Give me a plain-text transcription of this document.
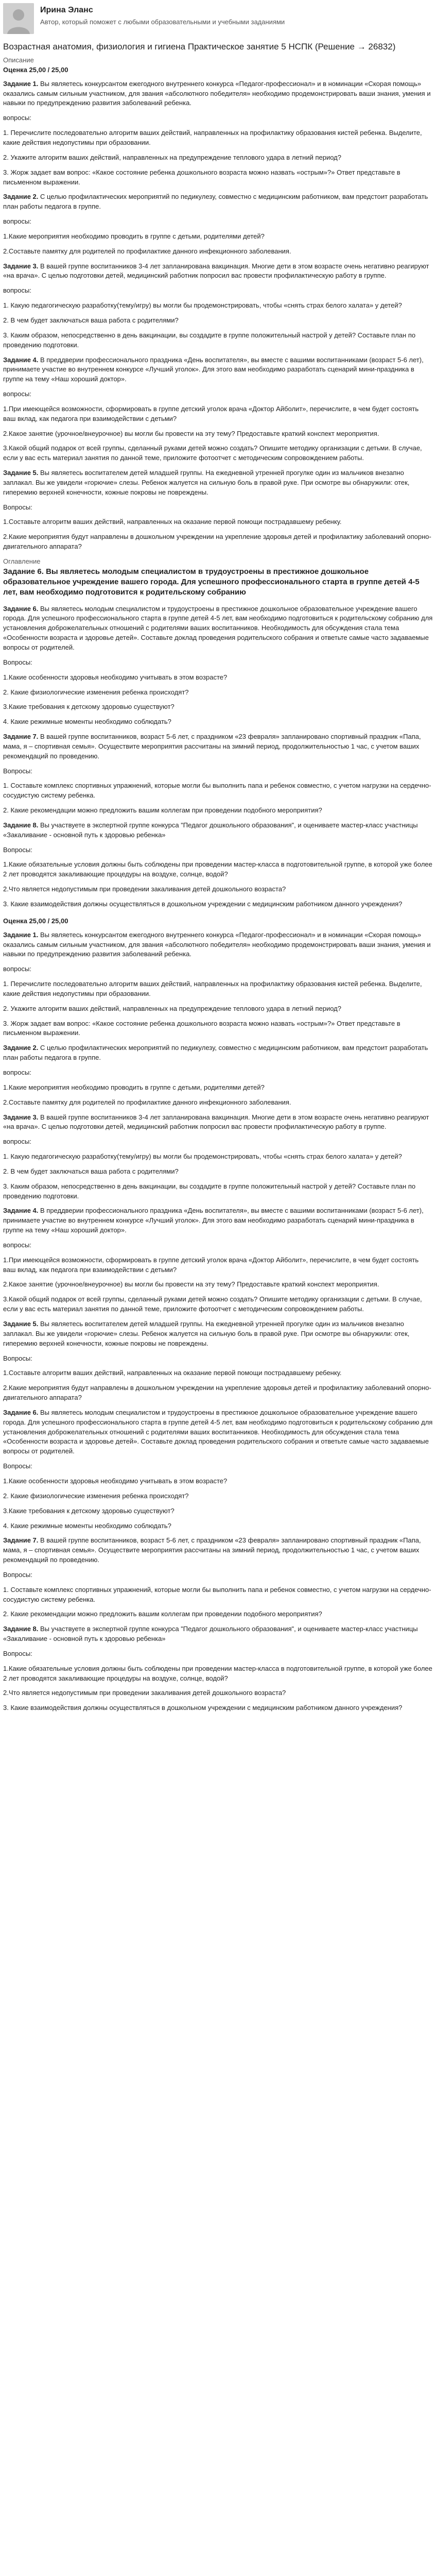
Ирина Эланс
Автор, который поможет с любыми образовательными и учебными заданиями
Возрастная анатомия, физиология и гигиена Практическое занятие 5 НСПК (Решение → 26832)
Описание
Оценка 25,00 / 25,00

Задание 1. Вы являетесь конкурсантом ежегодного внутреннего конкурса «Педагог-профессионал» и в номинации «Скорая помощь» оказались самым сильным участником, для звания «абсолютного победителя» необходимо продемонстрировать ваши знания, умения и навыки по предупреждению развития заболеваний ребенка.

вопросы:

1. Перечислите последовательно алгоритм ваших действий, направленных на профилактику образования кистей ребенка. Выделите, какие действия недопустимы при образовании.

2. Укажите алгоритм ваших действий, направленных на предупреждение теплового удара в летний период?

3. Жорж задает вам вопрос: «Какое состояние ребенка дошкольного возраста можно назвать «острым»?» Ответ представьте в письменном выражении.

Задание 2. С целью профилактических мероприятий по педикулезу, совместно с медицинским работником, вам предстоит разработать план работы педагога в группе.

вопросы:

1.Какие мероприятия необходимо проводить в группе с детьми, родителями детей?

2.Составьте памятку для родителей по профилактике данного инфекционного заболевания.

Задание 3. В вашей группе воспитанников 3-4 лет запланирована вакцинация. Многие дети в этом возрасте очень негативно реагируют «на врача». С целью подготовки детей, медицинский работник попросил вас провести профилактическую работу в группе.

вопросы:

1. Какую педагогическую разработку(тему/игру) вы могли бы продемонстрировать, чтобы «снять страх белого халата» у детей?

2. В чем будет заключаться ваша работа с родителями?

3. Каким образом, непосредственно в день вакцинации, вы создадите в группе положительный настрой у детей? Составьте план по проведению подготовки.

Задание 4. В преддверии профессионального праздника «День воспитателя», вы вместе с вашими воспитанниками (возраст 5-6 лет), принимаете участие во внутреннем конкурсе «Лучший уголок». Для этого вам необходимо разработать сценарий мини-праздника в группе на тему «Наш хороший доктор».

вопросы:

1.При имеющейся возможности, сформировать в группе детский уголок врача «Доктор Айболит», перечислите, в чем будет состоять ваш вклад, как педагога при взаимодействии с детьми?

2.Какое занятие (урочное/внеурочное) вы могли бы провести на эту тему? Предоставьте краткий конспект мероприятия.

3.Какой общий подарок от всей группы, сделанный руками детей можно создать? Опишите методику организации с детьми. В случае, если у вас есть материал занятия по данной теме, приложите фотоотчет с методическим сопровождением работы.

Задание 5. Вы являетесь воспитателем детей младшей группы. На ежедневной утренней прогулке один из мальчиков внезапно заплакал. Вы же увидели «горючие» слезы. Ребенок жалуется на сильную боль в правой руке. При осмотре вы обнаружили: отек, гиперемию верхней конечности, кожные покровы не повреждены.

Вопросы:

1.Составьте алгоритм ваших действий, направленных на оказание первой помощи пострадавшему ребенку.

2.Какие мероприятия будут направлены в дошкольном учреждении на укрепление здоровья детей и профилактику заболеваний опорно-двигательного аппарата?

Оглавление

Задание 6. Вы являетесь молодым специалистом в трудоустроены в престижное дошкольное образовательное учреждение вашего города. Для успешного профессионального старта в группе детей 4-5 лет, вам необходимо подготовится к родительскому собранию

Задание 6. Вы являетесь молодым специалистом и трудоустроены в престижное дошкольное образовательное учреждение вашего города. Для успешного профессионального старта в группе детей 4-5 лет, вам необходимо подготовиться к родительскому собранию для установления доброжелательных отношений с родителями ваших воспитанников. Необходимость для обсуждения стала тема «Особенности возраста и здоровье детей». Составьте доклад проведения родительского собрания и ответьте самые часто задаваемые вопросы от родителей.

Вопросы:

1.Какие особенности здоровья необходимо учитывать в этом возрасте?

2. Какие физиологические изменения ребенка происходят?

3.Какие требования к детскому здоровью существуют?

4. Какие режимные моменты необходимо соблюдать?

Задание 7. В вашей группе воспитанников, возраст 5-6 лет, с праздником «23 февраля» запланировано спортивный праздник «Папа, мама, я – спортивная семья». Осуществите мероприятия рассчитаны на зимний период, продолжительностью 1 час, с учетом ваших рекомендаций по проведению.

Вопросы:

1. Составьте комплекс спортивных упражнений, которые могли бы выполнить папа и ребенок совместно, с учетом нагрузки на сердечно-сосудистую систему ребенка.

2. Какие рекомендации можно предложить вашим коллегам при проведении подобного мероприятия?

Задание 8. Вы участвуете в экспертной группе конкурса "Педагог дошкольного образования", и оцениваете мастер-класс участницы «Закаливание - основной путь к здоровью ребенка»

Вопросы:

1.Какие обязательные условия должны быть соблюдены при проведении мастер-класса в подготовительной группе, в которой уже более 2 лет проводятся закаливающие процедуры на воздухе, солнце, водой?

2.Что является недопустимым при проведении закаливания детей дошкольного возраста?

3. Какие взаимодействия должны осуществляться в дошкольном учреждении с медицинским работником данного учреждения?

Оценка 25,00 / 25,00

Задание 1. Вы являетесь конкурсантом ежегодного внутреннего конкурса «Педагог-профессионал» и в номинации «Скорая помощь» оказались самым сильным участником, для звания «абсолютного победителя» необходимо продемонстрировать ваши знания, умения и навыки по предупреждению развития заболеваний ребенка.

вопросы:

1. Перечислите последовательно алгоритм ваших действий, направленных на профилактику образования кистей ребенка. Выделите, какие действия недопустимы при образовании.

2. Укажите алгоритм ваших действий, направленных на предупреждение теплового удара в летний период?

3. Жорж задает вам вопрос: «Какое состояние ребенка дошкольного возраста можно назвать «острым»?» Ответ представьте в письменном выражении.

Задание 2. С целью профилактических мероприятий по педикулезу, совместно с медицинским работником, вам предстоит разработать план работы педагога в группе.

вопросы:

1.Какие мероприятия необходимо проводить в группе с детьми, родителями детей?

2.Составьте памятку для родителей по профилактике данного инфекционного заболевания.

Задание 3. В вашей группе воспитанников 3-4 лет запланирована вакцинация. Многие дети в этом возрасте очень негативно реагируют «на врача». С целью подготовки детей, медицинский работник попросил вас провести профилактическую работу в группе.

вопросы:

1. Какую педагогическую разработку(тему/игру) вы могли бы продемонстрировать, чтобы «снять страх белого халата» у детей?

2. В чем будет заключаться ваша работа с родителями?

3. Каким образом, непосредственно в день вакцинации, вы создадите в группе положительный настрой у детей? Составьте план по проведению подготовки.

Задание 4. В преддверии профессионального праздника «День воспитателя», вы вместе с вашими воспитанниками (возраст 5-6 лет), принимаете участие во внутреннем конкурсе «Лучший уголок». Для этого вам необходимо разработать сценарий мини-праздника в группе на тему «Наш хороший доктор».

вопросы:

1.При имеющейся возможности, сформировать в группе детский уголок врача «Доктор Айболит», перечислите, в чем будет состоять ваш вклад, как педагога при взаимодействии с детьми?

2.Какое занятие (урочное/внеурочное) вы могли бы провести на эту тему? Предоставьте краткий конспект мероприятия.

3.Какой общий подарок от всей группы, сделанный руками детей можно создать? Опишите методику организации с детьми. В случае, если у вас есть материал занятия по данной теме, приложите фотоотчет с методическим сопровождением работы.

Задание 5. Вы являетесь воспитателем детей младшей группы. На ежедневной утренней прогулке один из мальчиков внезапно заплакал. Вы же увидели «горючие» слезы. Ребенок жалуется на сильную боль в правой руке. При осмотре вы обнаружили: отек, гиперемию верхней конечности, кожные покровы не повреждены.

Вопросы:

1.Составьте алгоритм ваших действий, направленных на оказание первой помощи пострадавшему ребенку.

2.Какие мероприятия будут направлены в дошкольном учреждении на укрепление здоровья детей и профилактику заболеваний опорно-двигательного аппарата?

Задание 6. Вы являетесь молодым специалистом и трудоустроены в престижное дошкольное образовательное учреждение вашего города. Для успешного профессионального старта в группе детей 4-5 лет, вам необходимо подготовиться к родительскому собранию для установления доброжелательных отношений с родителями ваших воспитанников. Необходимость для обсуждения стала тема «Особенности возраста и здоровье детей». Составьте доклад проведения родительского собрания и ответьте самые часто задаваемые вопросы от родителей.

Вопросы:

1.Какие особенности здоровья необходимо учитывать в этом возрасте?

2. Какие физиологические изменения ребенка происходят?

3.Какие требования к детскому здоровью существуют?

4. Какие режимные моменты необходимо соблюдать?

Задание 7. В вашей группе воспитанников, возраст 5-6 лет, с праздником «23 февраля» запланировано спортивный праздник «Папа, мама, я – спортивная семья». Осуществите мероприятия рассчитаны на зимний период, продолжительностью 1 час, с учетом ваших рекомендаций по проведению.

Вопросы:

1. Составьте комплекс спортивных упражнений, которые могли бы выполнить папа и ребенок совместно, с учетом нагрузки на сердечно-сосудистую систему ребенка.

2. Какие рекомендации можно предложить вашим коллегам при проведении подобного мероприятия?

Задание 8. Вы участвуете в экспертной группе конкурса "Педагог дошкольного образования", и оцениваете мастер-класс участницы «Закаливание - основной путь к здоровью ребенка»

Вопросы:

1.Какие обязательные условия должны быть соблюдены при проведении мастер-класса в подготовительной группе, в которой уже более 2 лет проводятся закаливающие процедуры на воздухе, солнце, водой?

2.Что является недопустимым при проведении закаливания детей дошкольного возраста?

3. Какие взаимодействия должны осуществляться в дошкольном учреждении с медицинским работником данного учреждения?
